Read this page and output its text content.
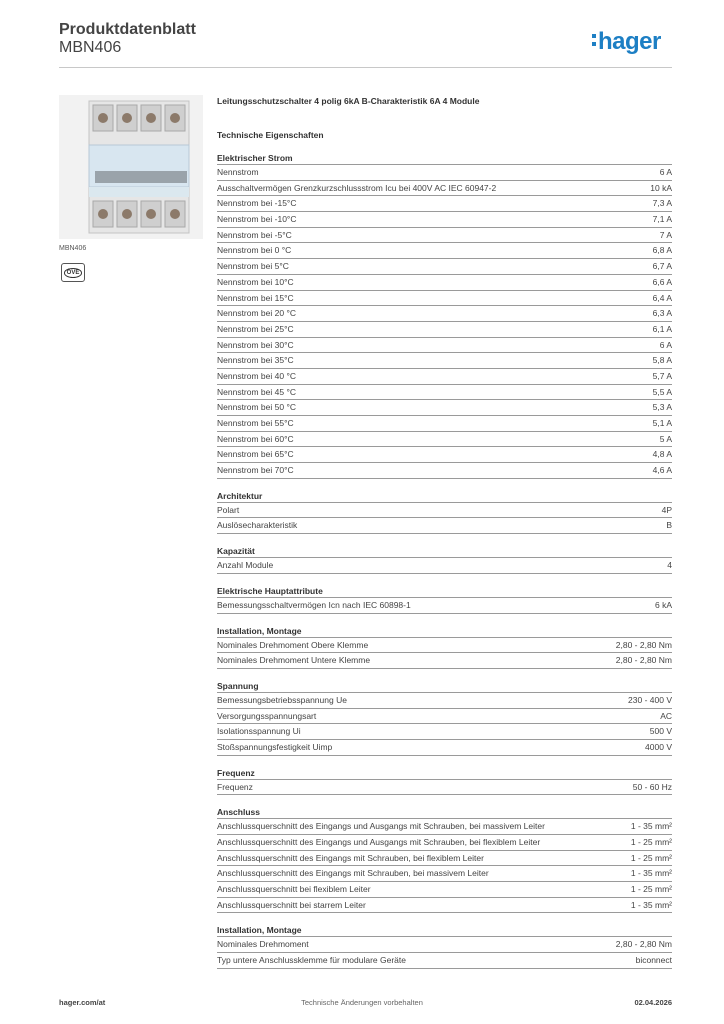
Produktdatenblatt
MBN406	hager
MBN406
ÖVE
Leitungsschutzschalter 4 polig 6kA B-Charakteristik 6A 4 Module
Technische Eigenschaften
Elektrischer Strom
Nennstrom	6 A
Ausschaltvermögen Grenzkurzschlussstrom Icu bei 400V AC IEC 60947-2	10 kA
Nennstrom bei -15°C	7,3 A
Nennstrom bei -10°C	7,1 A
Nennstrom bei -5°C	7 A
Nennstrom bei 0 °C	6,8 A
Nennstrom bei 5°C	6,7 A
Nennstrom bei 10°C	6,6 A
Nennstrom bei 15°C	6,4 A
Nennstrom bei 20 °C	6,3 A
Nennstrom bei 25°C	6,1 A
Nennstrom bei 30°C	6 A
Nennstrom bei 35°C	5,8 A
Nennstrom bei 40 °C	5,7 A
Nennstrom bei 45 °C	5,5 A
Nennstrom bei 50 °C	5,3 A
Nennstrom bei 55°C	5,1 A
Nennstrom bei 60°C	5 A
Nennstrom bei 65°C	4,8 A
Nennstrom bei 70°C	4,6 A
Architektur
Polart	4P
Auslösecharakteristik	B
Kapazität
Anzahl Module	4
Elektrische Hauptattribute
Bemessungsschaltvermögen Icn nach IEC 60898-1	6 kA
Installation, Montage
Nominales Drehmoment Obere Klemme	2,80 - 2,80 Nm
Nominales Drehmoment Untere Klemme	2,80 - 2,80 Nm
Spannung
Bemessungsbetriebsspannung Ue	230 - 400 V
Versorgungsspannungsart	AC
Isolationsspannung Ui	500 V
Stoßspannungsfestigkeit Uimp	4000 V
Frequenz
Frequenz	50 - 60 Hz
Anschluss
Anschlussquerschnitt des Eingangs und Ausgangs mit Schrauben, bei massivem Leiter	1 - 35 mm²
Anschlussquerschnitt des Eingangs und Ausgangs mit Schrauben, bei flexiblem Leiter	1 - 25 mm²
Anschlussquerschnitt des Eingangs mit Schrauben, bei flexiblem Leiter	1 - 25 mm²
Anschlussquerschnitt des Eingangs mit Schrauben, bei massivem Leiter	1 - 35 mm²
Anschlussquerschnitt bei flexiblem Leiter	1 - 25 mm²
Anschlussquerschnitt bei starrem Leiter	1 - 35 mm²
Installation, Montage
Nominales Drehmoment	2,80 - 2,80 Nm
Typ untere Anschlussklemme für modulare Geräte	biconnect
hager.com/at	Technische Änderungen vorbehalten	02.04.2026
